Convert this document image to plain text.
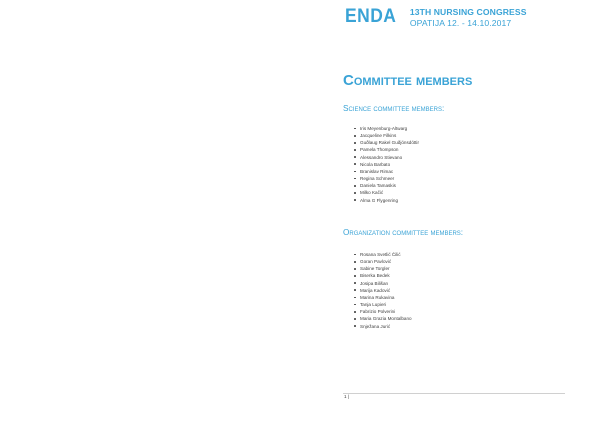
ENDA 13TH NURSING CONGRESS
OPATIJA 12. - 14.10.2017
Committee members
Science committee members:
Iris Meyenburg-Altwarg
Jacqueline Filkins
Guðlaug Rakel Guðjónsdóttir
Pamela Thompson
Alessandro Stievano
Nicola Barbato
Branislav Rimac
Regina Schmeer
Daniela Tamaskis
Milko Kačić
Alma G Flygenring
Organization committee members:
Rosana Svetlić Čilić
Goran Pavlović
Sabine Torgler
Biserka Bedek
Josipa Bilišan
Marija Kadović
Marina Rukavina
Tanja Lupieri
Fabrizio Polverini
Maria Grazia Montalbano
Snježana Jurić
1 |
